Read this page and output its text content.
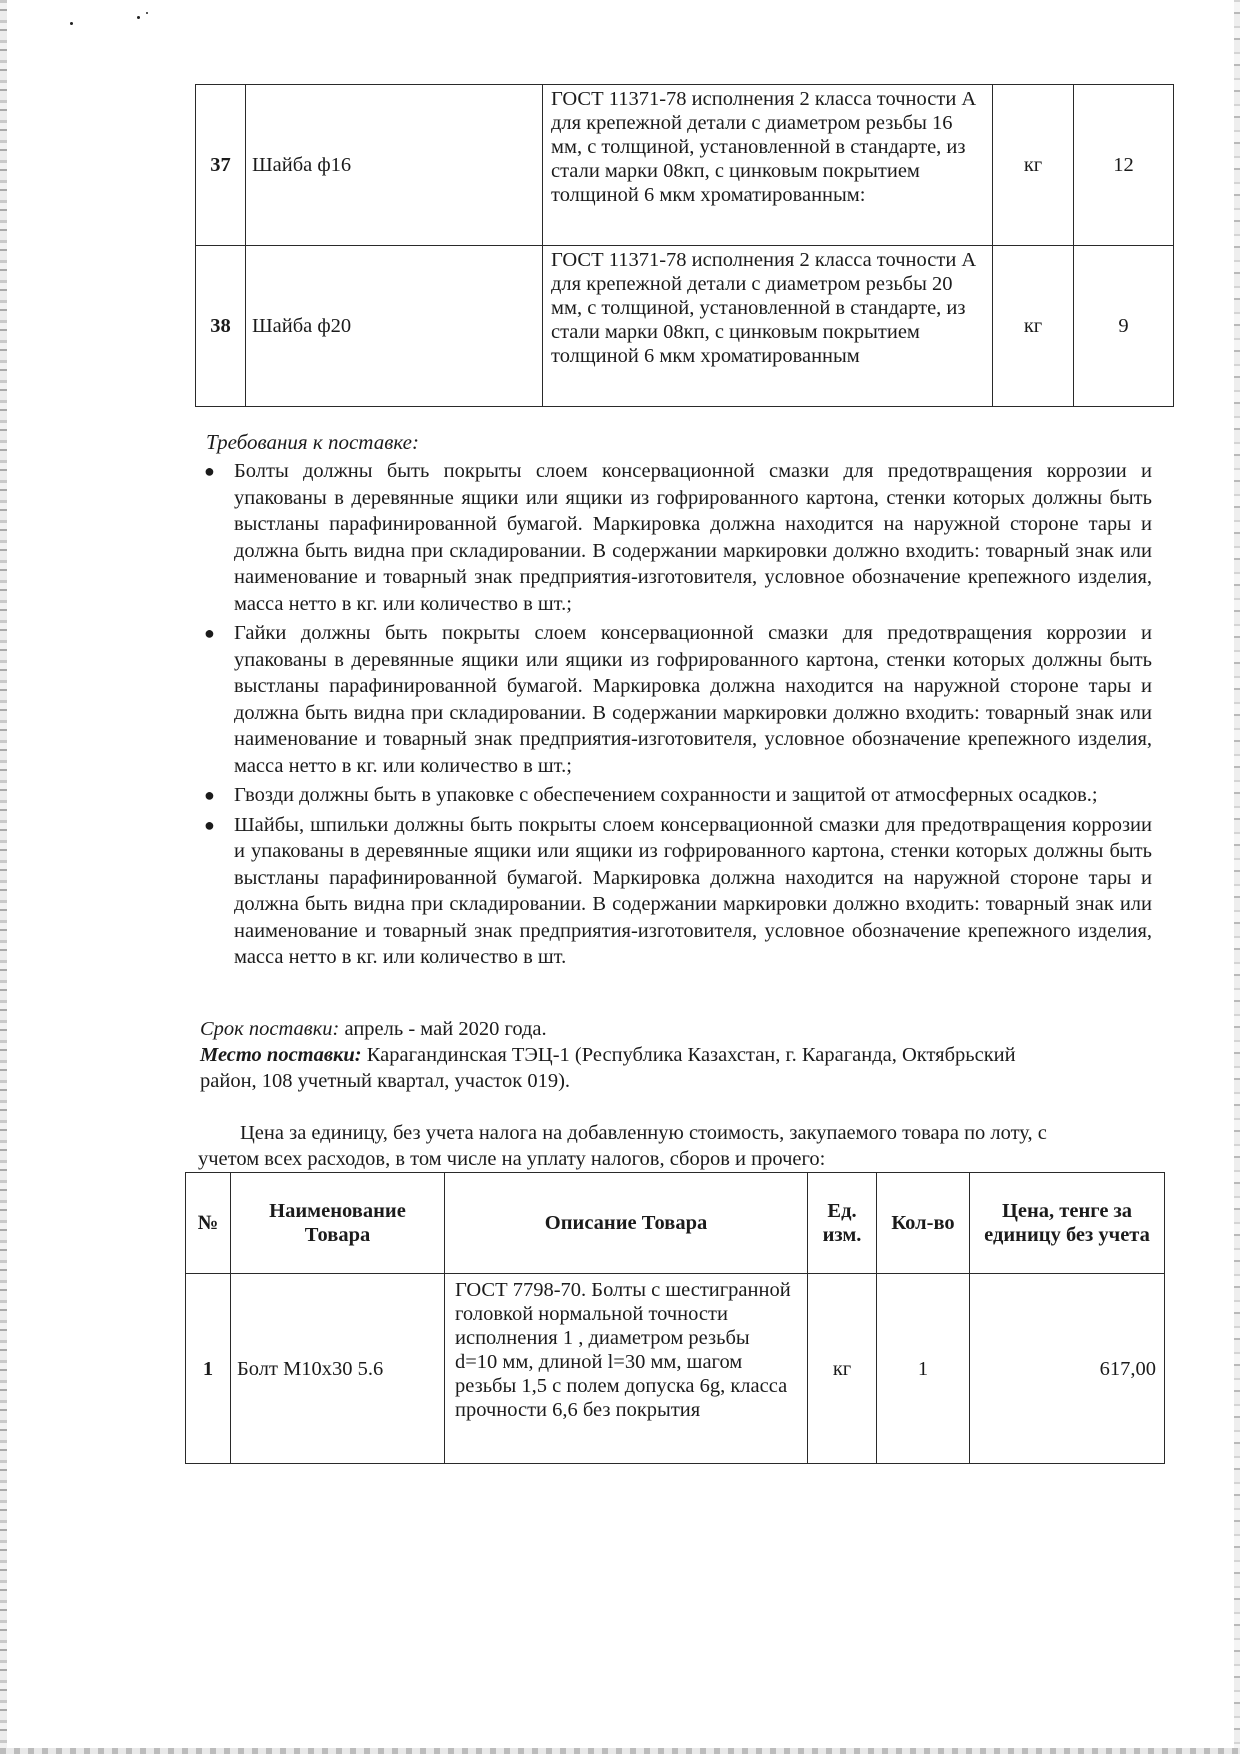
37	Шайба ф16	ГОСТ 11371-78 исполнения 2 класса точности А для крепежной детали с диаметром резьбы 16 мм, с толщиной, установленной в стандарте, из стали марки 08кп, с цинковым покрытием толщиной 6 мкм хроматированным:	кг	12
38	Шайба ф20	ГОСТ 11371-78 исполнения 2 класса точности А для крепежной детали с диаметром резьбы 20 мм, с толщиной, установленной в стандарте, из стали марки 08кп, с цинковым покрытием толщиной 6 мкм хроматированным	кг	9
Требования к поставке:
● Болты должны быть покрыты слоем консервационной смазки для предотвращения коррозии и упакованы в деревянные ящики или ящики из гофрированного картона, стенки которых должны быть выстланы парафинированной бумагой. Маркировка должна находится на наружной стороне тары и должна быть видна при складировании. В содержании маркировки должно входить: товарный знак или наименование и товарный знак предприятия-изготовителя, условное обозначение крепежного изделия, масса нетто в кг. или количество в шт.;
● Гайки должны быть покрыты слоем консервационной смазки для предотвращения коррозии и упакованы в деревянные ящики или ящики из гофрированного картона, стенки которых должны быть выстланы парафинированной бумагой. Маркировка должна находится на наружной стороне тары и должна быть видна при складировании. В содержании маркировки должно входить: товарный знак или наименование и товарный знак предприятия-изготовителя, условное обозначение крепежного изделия, масса нетто в кг. или количество в шт.;
● Гвозди должны быть в упаковке с обеспечением сохранности и защитой от атмосферных осадков.;
● Шайбы, шпильки должны быть покрыты слоем консервационной смазки для предотвращения коррозии и упакованы в деревянные ящики или ящики из гофрированного картона, стенки которых должны быть выстланы парафинированной бумагой. Маркировка должна находится на наружной стороне тары и должна быть видна при складировании. В содержании маркировки должно входить: товарный знак или наименование и товарный знак предприятия-изготовителя, условное обозначение крепежного изделия, масса нетто в кг. или количество в шт.
Срок поставки: апрель - май 2020 года.
Место поставки: Карагандинская ТЭЦ-1 (Республика Казахстан, г. Караганда, Октябрьский
район, 108 учетный квартал, участок 019).
Цена за единицу, без учета налога на добавленную стоимость, закупаемого товара по лоту, с
учетом всех расходов, в том числе на уплату налогов, сборов и прочего:
№	Наименование Товара	Описание Товара	Ед. изм.	Кол-во	Цена, тенге за единицу без учета
1	Болт М10х30 5.6	ГОСТ 7798-70. Болты с шестигранной головкой нормальной точности исполнения 1 , диаметром резьбы d=10 мм, длиной l=30 мм, шагом резьбы 1,5 с полем допуска 6g, класса прочности 6,6 без покрытия	кг	1	617,00
